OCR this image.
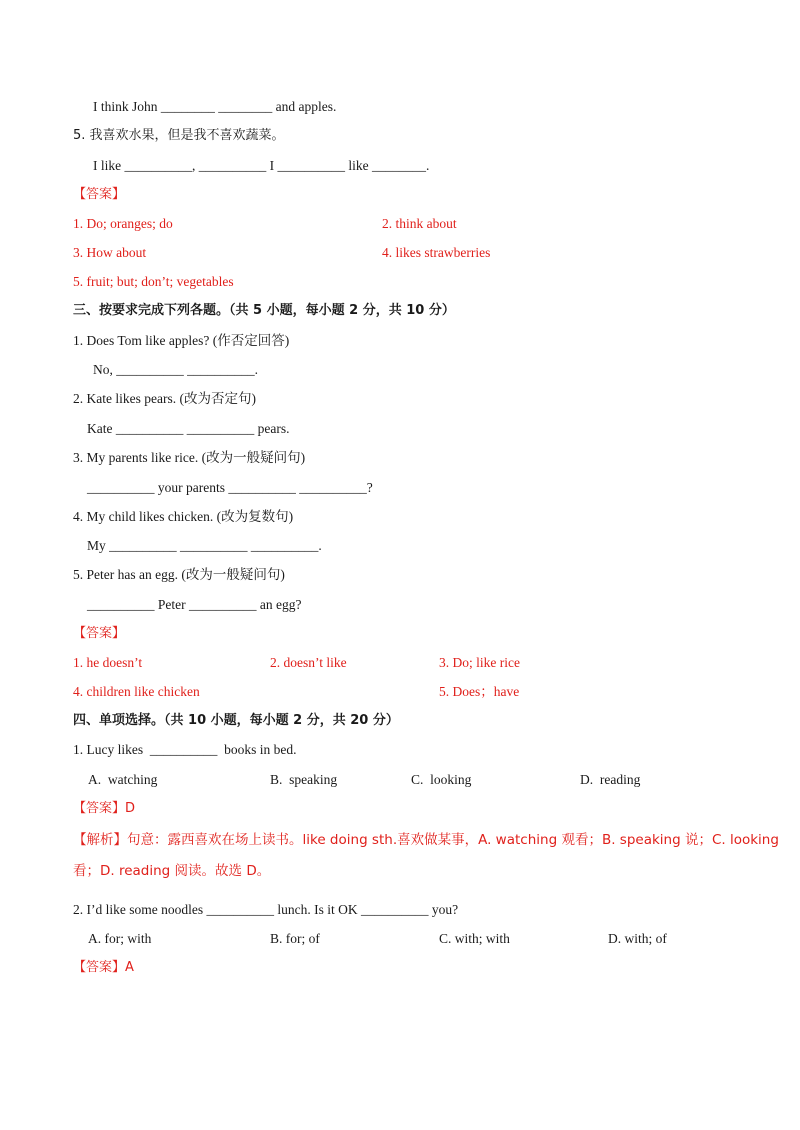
I think John ________ ________ and apples.
5. 我喜欢水果，但是我不喜欢蔬菜。
I like __________, __________ I __________ like ________.
【答案】
1. Do; oranges; do	2. think about
3. How about	4. likes strawberries
5. fruit; but; don’t; vegetables
三、按要求完成下列各题。（共 5 小题，每小题 2 分，共 10 分）
1. Does Tom like apples? (作否定回答)
No, __________ __________.
2. Kate likes pears. (改为否定句)
Kate __________ __________ pears.
3. My parents like rice. (改为一般疑问句)
__________ your parents __________ __________?
4. My child likes chicken. (改为复数句)
My __________ __________ __________.
5. Peter has an egg. (改为一般疑问句)
__________ Peter __________ an egg?
【答案】
1. he doesn’t	2. doesn’t like	3. Do; like rice
4. children like chicken	5. Does；have
四、单项选择。（共 10 小题，每小题 2 分，共 20 分）
1. Lucy likes  __________  books in bed.
A.  watching	B.  speaking	C.  looking	D.  reading
【答案】D
【解析】句意：露西喜欢在场上读书。like doing sth.喜欢做某事，A. watching 观看；B. speaking 说；C. looking
看；D. reading 阅读。故选 D。
2. I’d like some noodles __________ lunch. Is it OK __________ you?
A. for; with	B. for; of	C. with; with	D. with; of
【答案】A
